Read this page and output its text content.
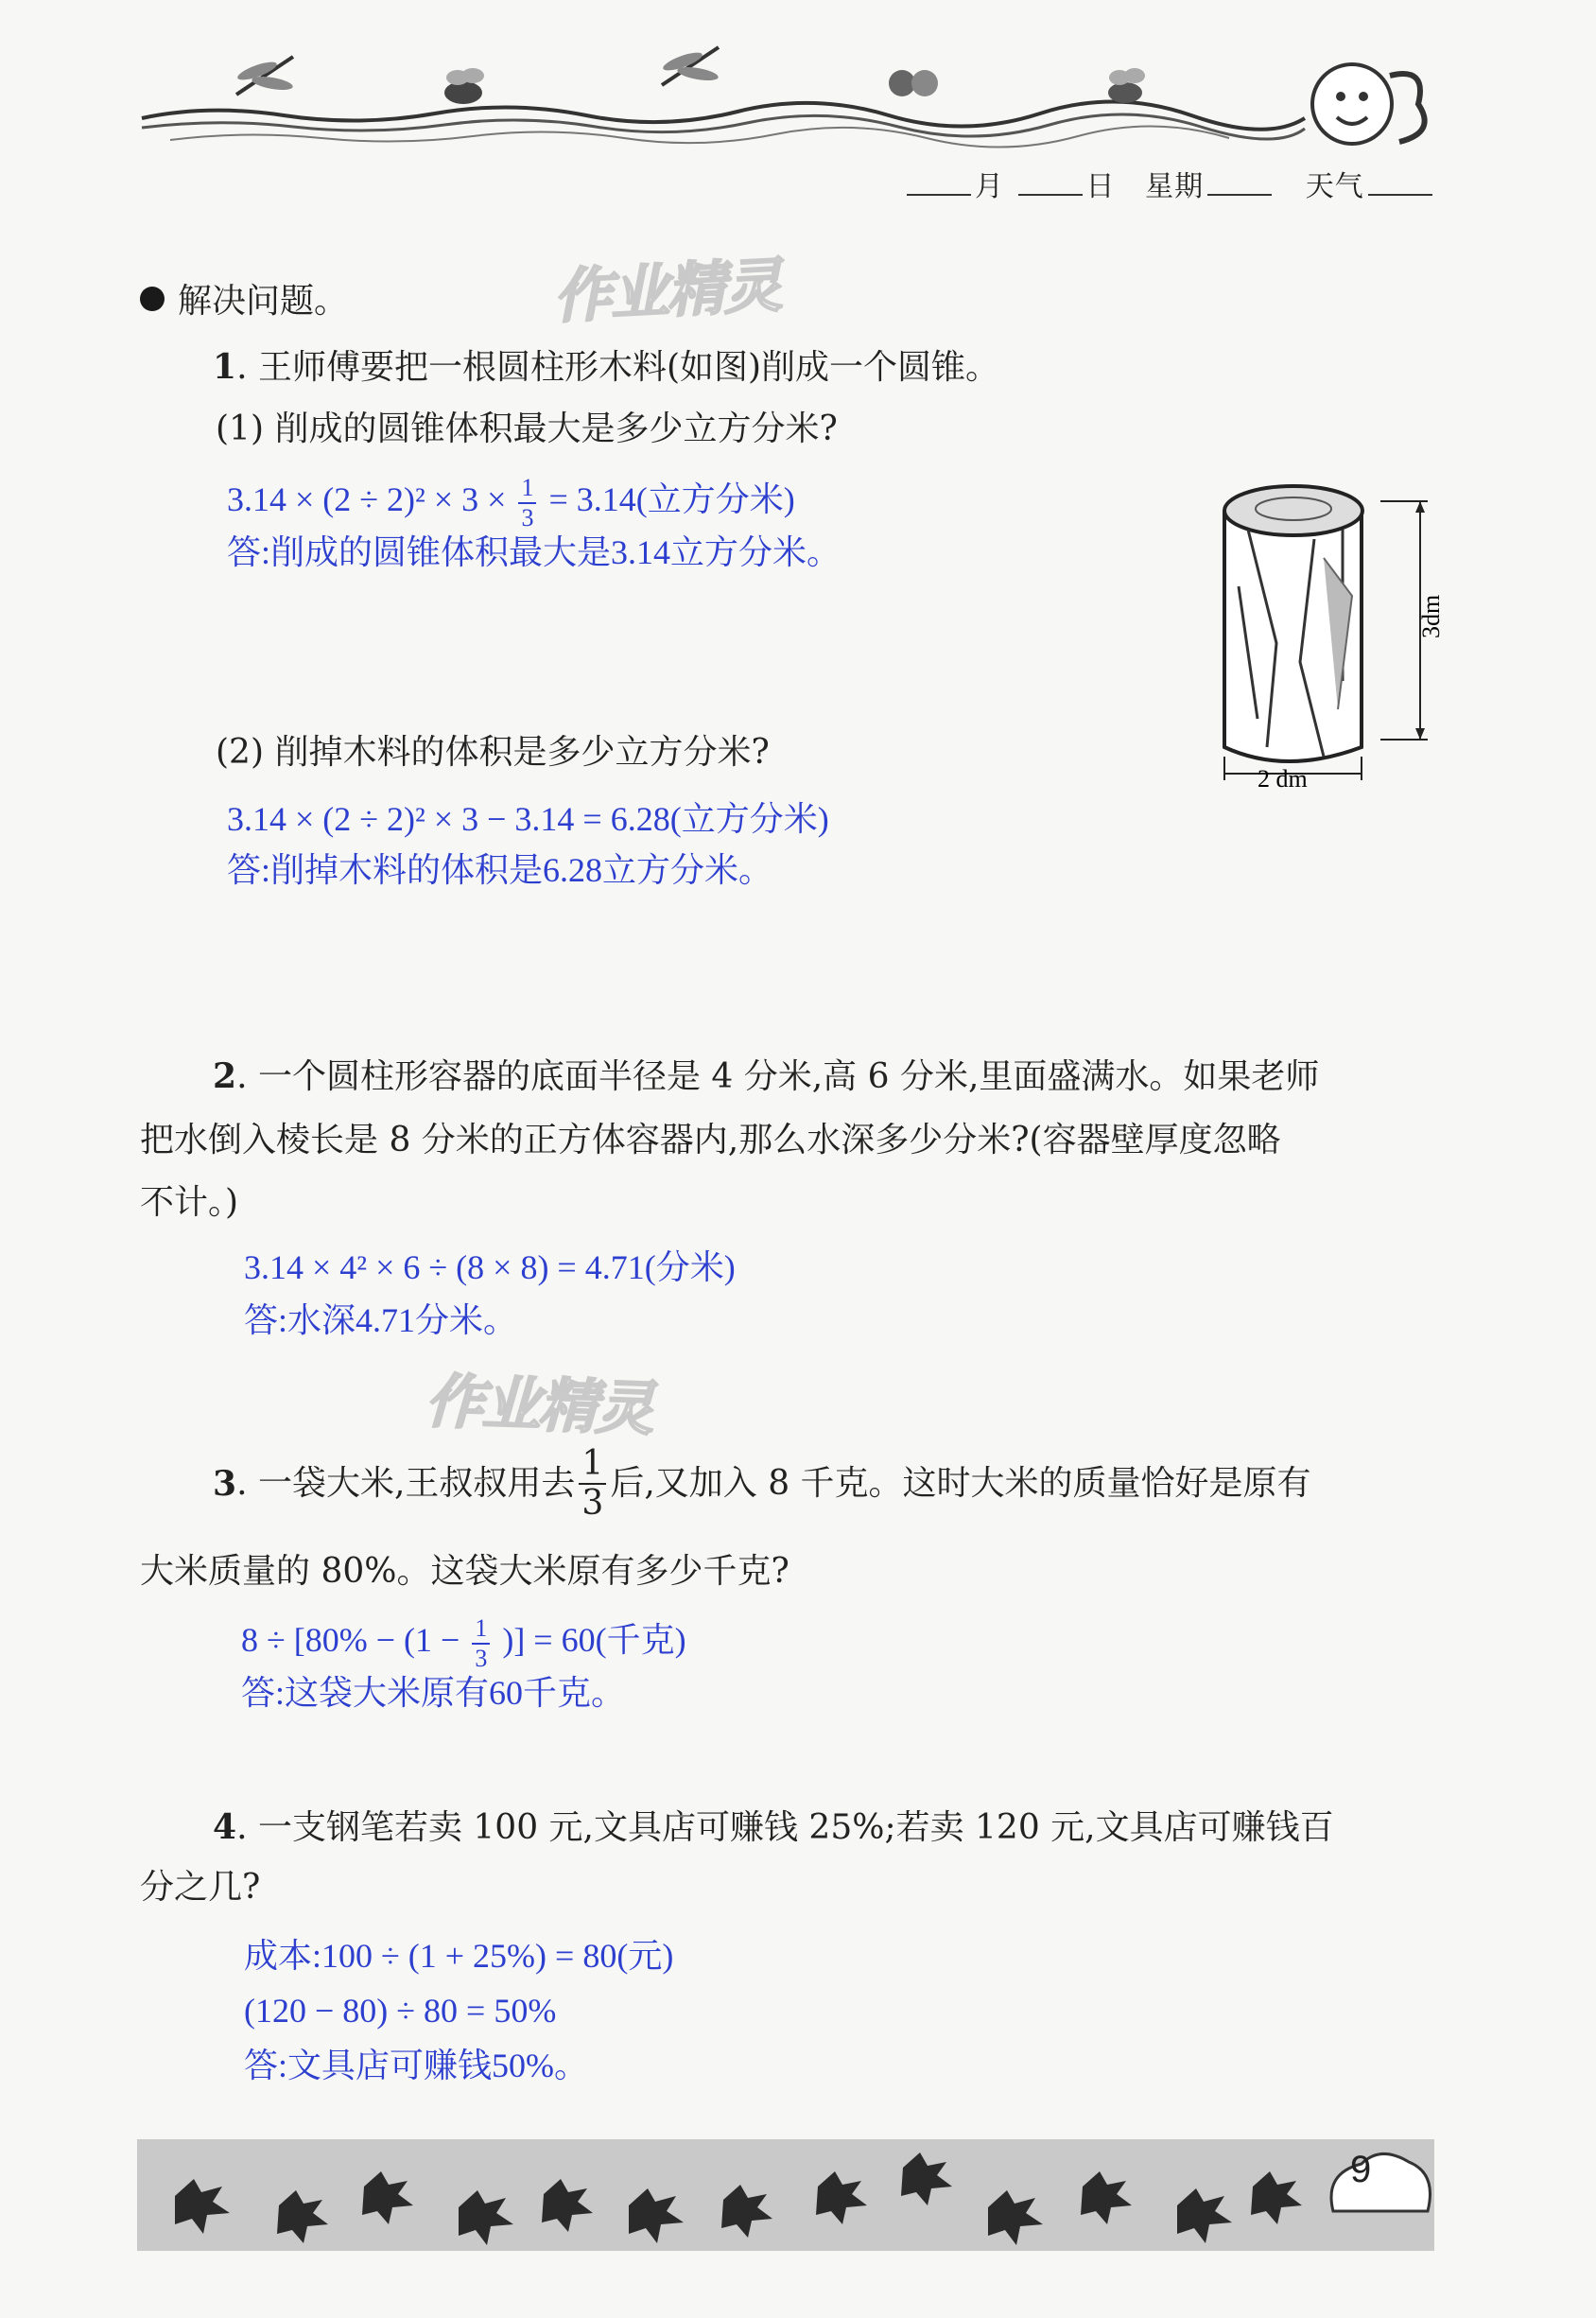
月	日 星期	天气
解决问题。	作业精灵
1. 王师傅要把一根圆柱形木料(如图)削成一个圆锥。
(1) 削成的圆锥体积最大是多少立方分米?
$3.14 \times (2 \div 2)^2 \times 3 \times \frac{1}{3} = 3.14$(立方分米)
答:削成的圆锥体积最大是3.14立方分米。
3dm
2 dm
(2) 削掉木料的体积是多少立方分米?
3.14 × (2 ÷ 2)² × 3 − 3.14 = 6.28(立方分米)
答:削掉木料的体积是6.28立方分米。
2. 一个圆柱形容器的底面半径是 4 分米,高 6 分米,里面盛满水。如果老师
把水倒入棱长是 8 分米的正方体容器内,那么水深多少分米?(容器壁厚度忽略
不计。)
3.14 × 4² × 6 ÷ (8 × 8) = 4.71(分米)
答:水深4.71分米。
作业精灵
3 . 一袋大米,王叔叔用去 $\frac{1}{3}$ 后,又加入 8 千克。这时大米的质量恰好是原有
大米质量的 80%。这袋大米原有多少千克?
$8 \div [80\% - (1 - \frac{1}{3}$ )] = 60(千克)
答:这袋大米原有60千克。
4. 一支钢笔若卖 100 元,文具店可赚钱 25%;若卖 120 元,文具店可赚钱百
分之几?
成本:100 ÷ (1 + 25%) = 80(元)
(120 − 80) ÷ 80 = 50%
答:文具店可赚钱50%。
9
